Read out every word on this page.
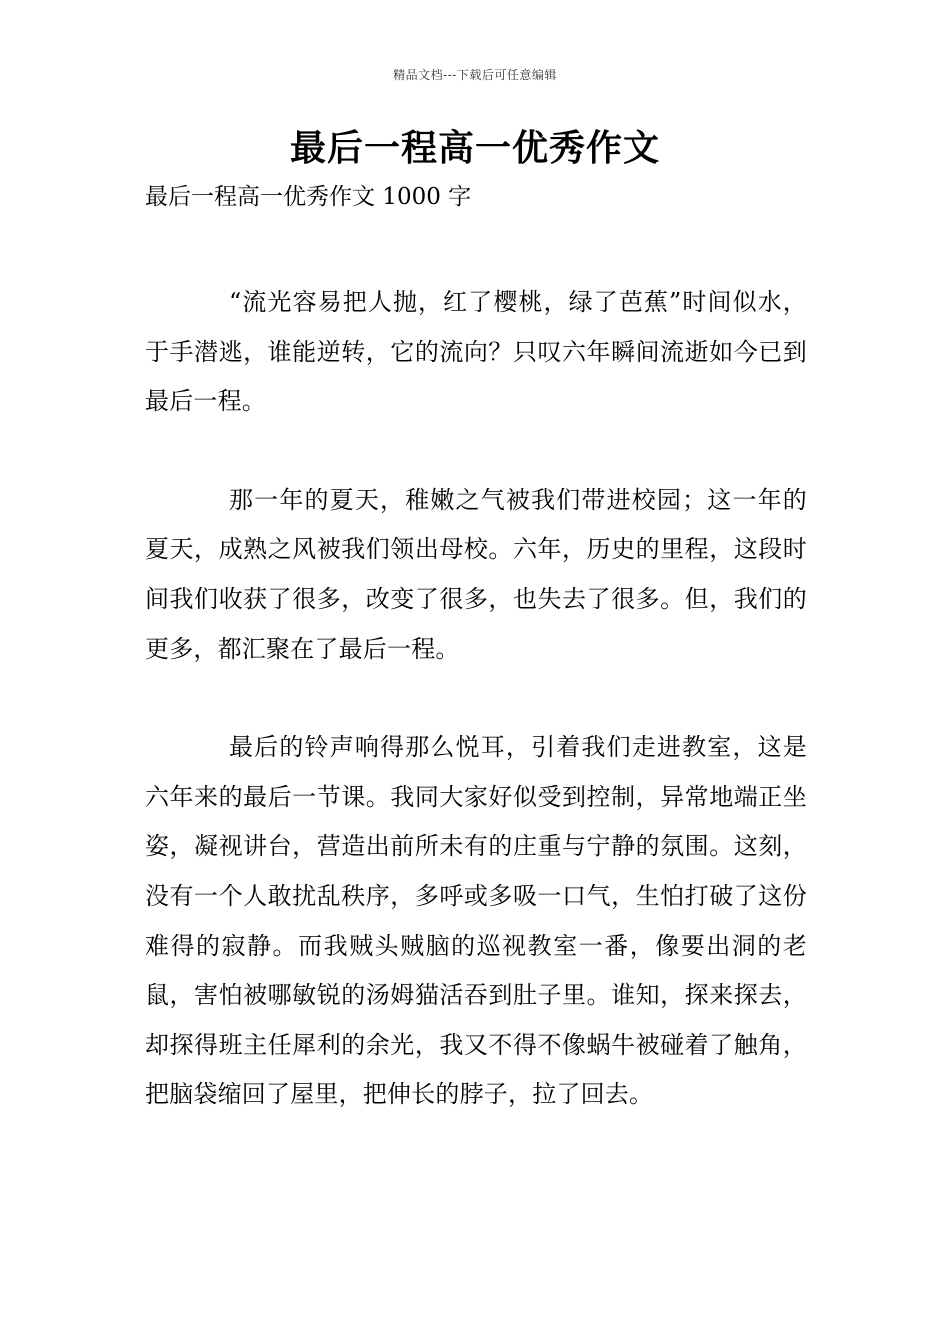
精品文档---下载后可任意编辑
最后一程高一优秀作文
最后一程高一优秀作文 1000 字

“流光容易把人抛，红了樱桃，绿了芭蕉”时间似水，于手潜逃，谁能逆转，它的流向？只叹六年瞬间流逝如今已到最后一程。

那一年的夏天，稚嫩之气被我们带进校园；这一年的夏天，成熟之风被我们领出母校。六年，历史的里程，这段时间我们收获了很多，改变了很多，也失去了很多。但，我们的更多，都汇聚在了最后一程。

最后的铃声响得那么悦耳，引着我们走进教室，这是六年来的最后一节课。我同大家好似受到控制，异常地端正坐姿，凝视讲台，营造出前所未有的庄重与宁静的氛围。这刻，没有一个人敢扰乱秩序，多呼或多吸一口气，生怕打破了这份难得的寂静。而我贼头贼脑的巡视教室一番，像要出洞的老鼠，害怕被哪敏锐的汤姆猫活吞到肚子里。谁知，探来探去，却探得班主任犀利的余光，我又不得不像蜗牛被碰着了触角，把脑袋缩回了屋里，把伸长的脖子，拉了回去。
